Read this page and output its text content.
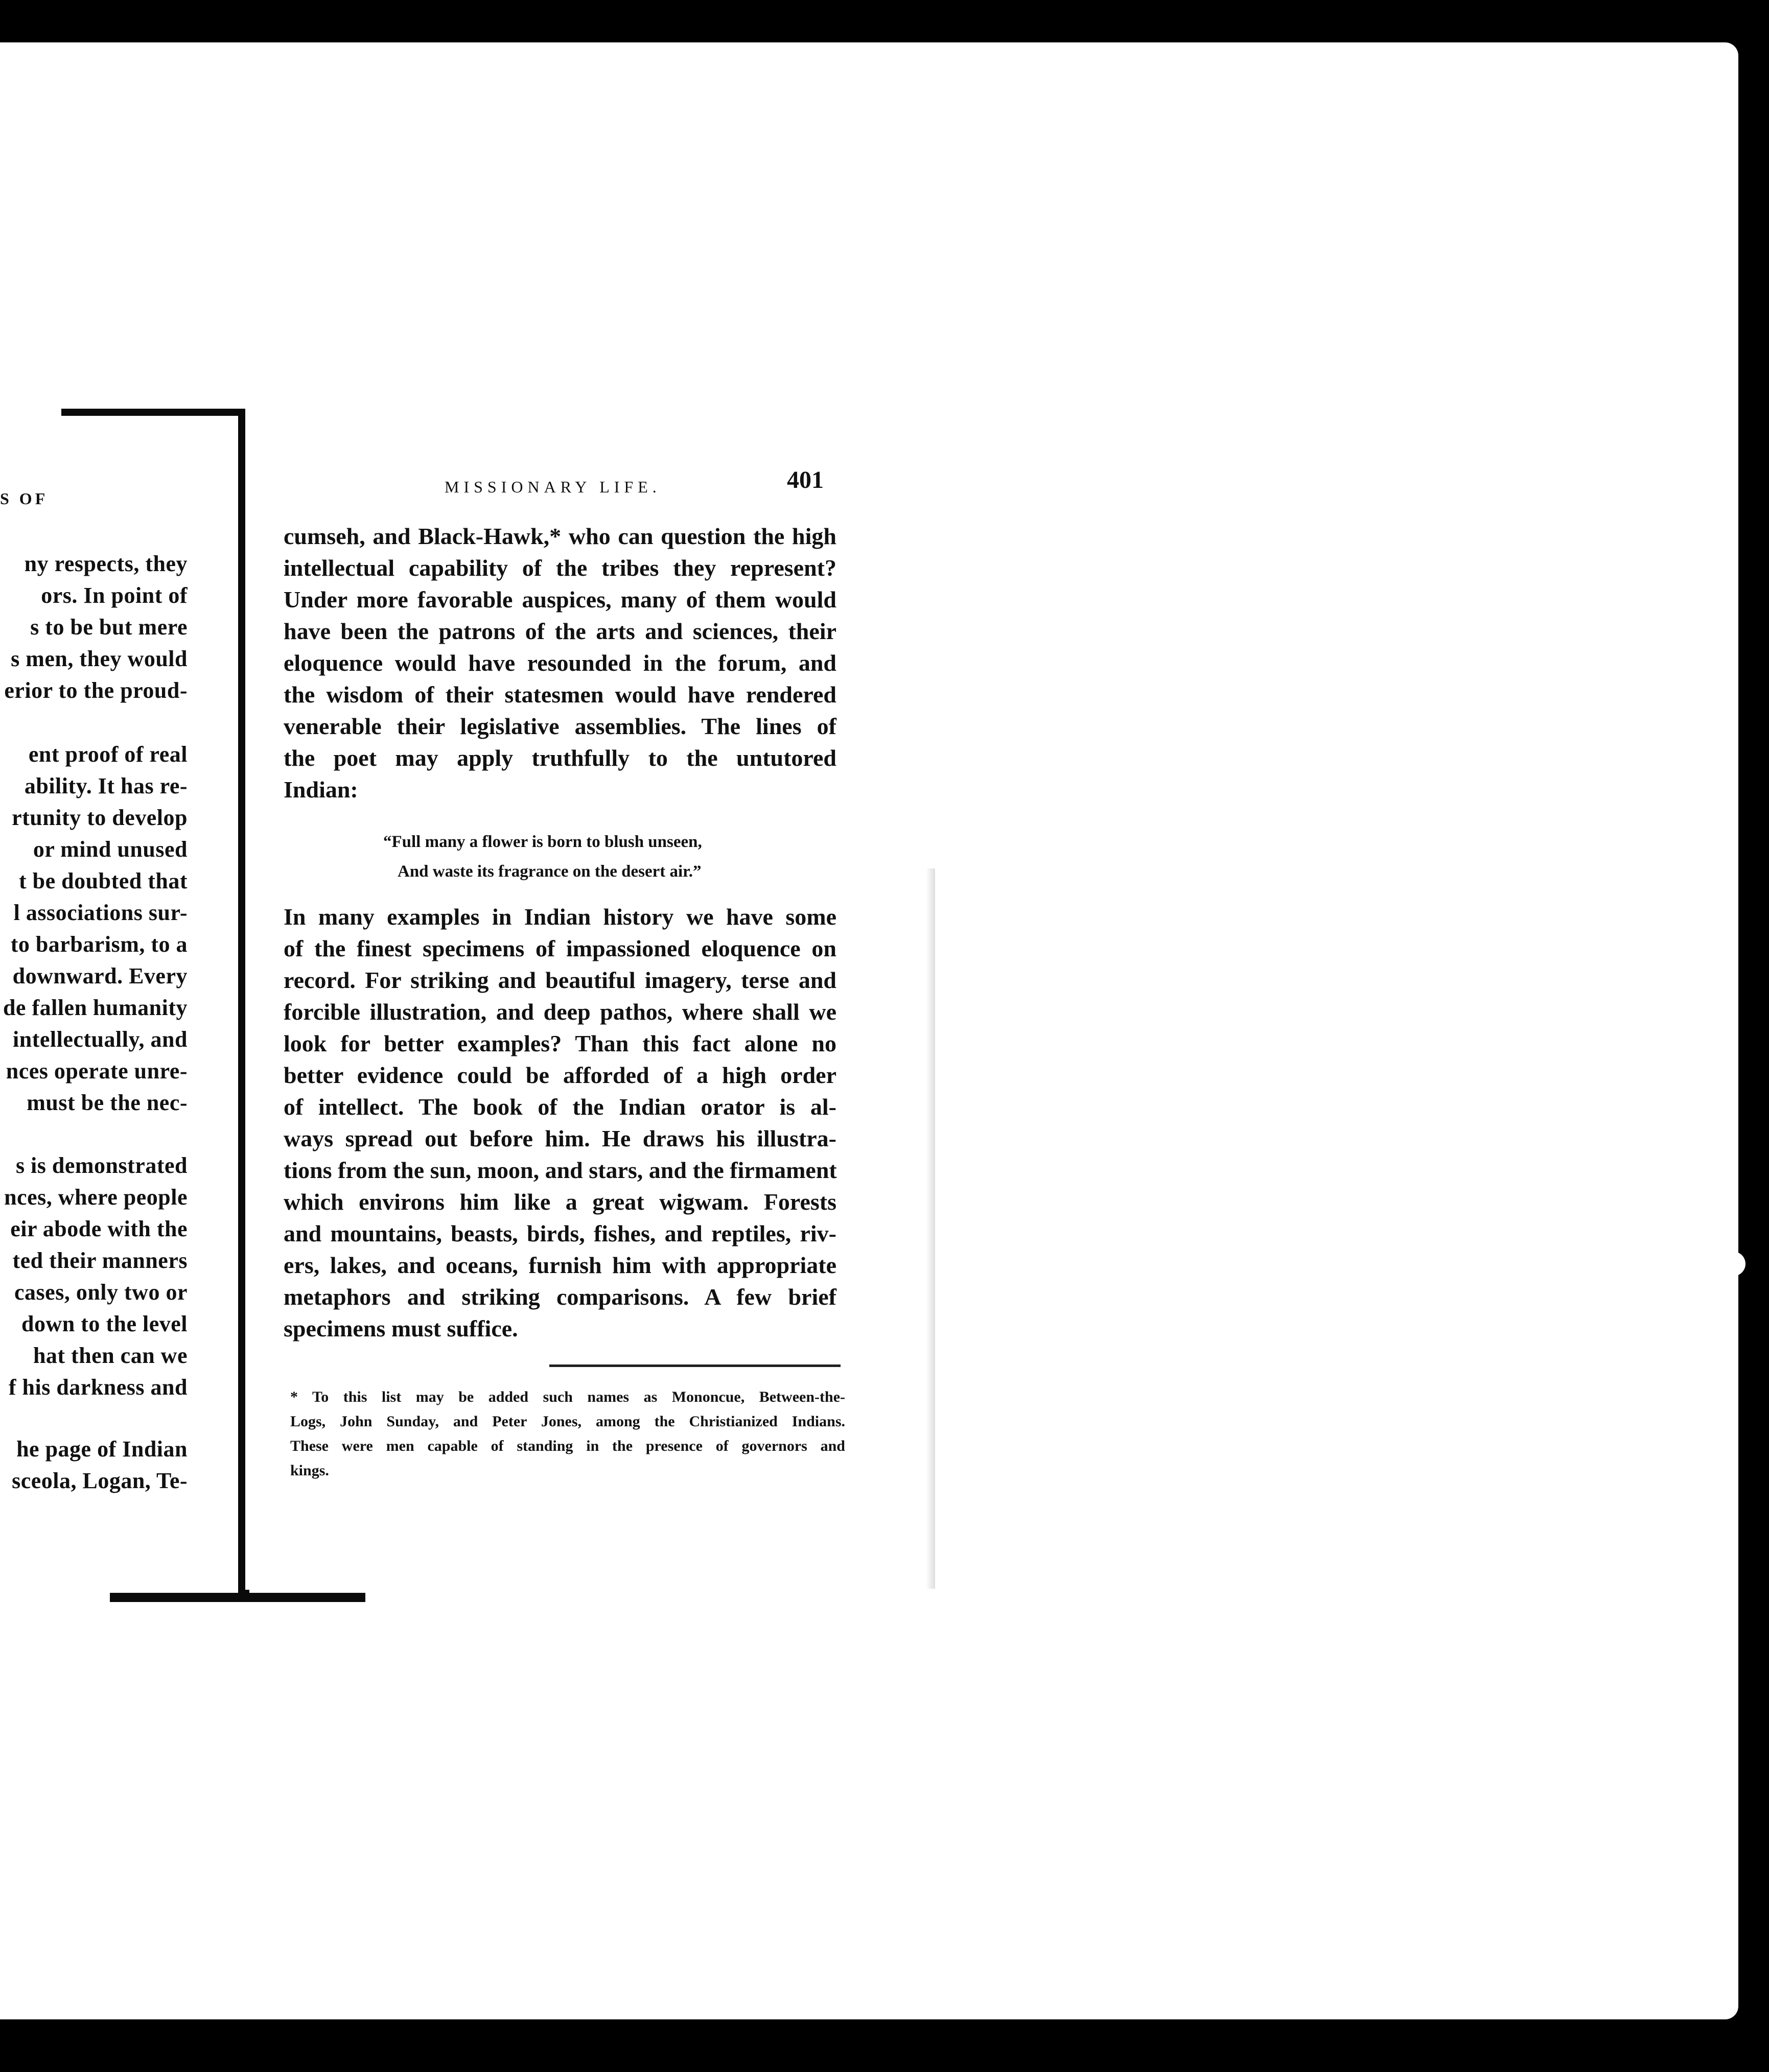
S OF
ny respects, they
ors. In point of
s to be but mere
s men, they would
erior to the proud-
ent proof of real
ability. It has re-
rtunity to develop
or mind unused
t be doubted that
l associations sur-
to barbarism, to a
downward. Every
de fallen humanity
intellectually, and
nces operate unre-
must be the nec-
s is demonstrated
nces, where people
eir abode with the
ted their manners
cases, only two or
down to the level
hat then can we
f his darkness and
he page of Indian
sceola, Logan, Te-
MISSIONARY LIFE.	401
cumseh, and Black-Hawk,* who can question the high
intellectual capability of the tribes they represent?
Under more favorable auspices, many of them would
have been the patrons of the arts and sciences, their
eloquence would have resounded in the forum, and
the wisdom of their statesmen would have rendered
venerable their legislative assemblies. The lines of
the poet may apply truthfully to the untutored
Indian:
“Full many a flower is born to blush unseen,
And waste its fragrance on the desert air.”
In many examples in Indian history we have some
of the finest specimens of impassioned eloquence on
record. For striking and beautiful imagery, terse and
forcible illustration, and deep pathos, where shall we
look for better examples? Than this fact alone no
better evidence could be afforded of a high order
of intellect. The book of the Indian orator is al-
ways spread out before him. He draws his illustra-
tions from the sun, moon, and stars, and the firmament
which environs him like a great wigwam. Forests
and mountains, beasts, birds, fishes, and reptiles, riv-
ers, lakes, and oceans, furnish him with appropriate
metaphors and striking comparisons. A few brief
specimens must suffice.
* To this list may be added such names as Mononcue, Between-the-
Logs, John Sunday, and Peter Jones, among the Christianized Indians.
These were men capable of standing in the presence of governors and
kings.
